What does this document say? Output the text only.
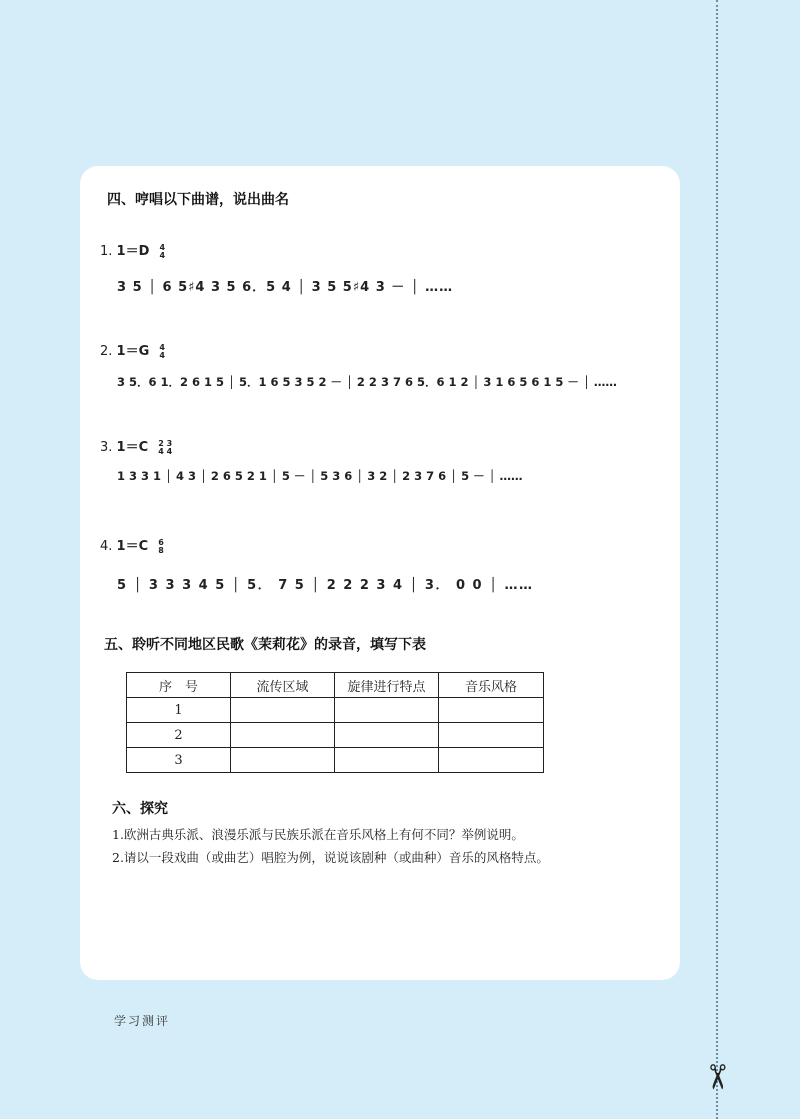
✂
四、哼唱以下曲谱，说出曲名
1. 1＝D 4
4
3 5 │ 6 5♯4 3 5 6．5 4 │ 3 5 5♯4 3 － │ ……
2. 1＝G 4
4
3 5．6 1．2 6 1 5 │ 5．1 6 5 3 5 2 － │ 2 2 3 7 6 5．6 1 2 │ 3 1 6 5 6 1 5 － │ ……
3. 1＝C 2 3
4 4
1 3 3 1 │ 4 3 │ 2 6 5 2 1 │ 5 － │ 5 3 6 │ 3 2 │ 2 3 7 6 │ 5 － │ ……
4. 1＝C 6
8
5 │ 3 3 3 4 5 │ 5． 7 5 │ 2 2 2 3 4 │ 3． 0 0 │ ……
五、聆听不同地区民歌《茉莉花》的录音，填写下表
序　号	流传区域	旋律进行特点	音乐风格
1			
2			
3			
六、探究
1.欧洲古典乐派、浪漫乐派与民族乐派在音乐风格上有何不同？举例说明。
2.请以一段戏曲（或曲艺）唱腔为例，说说该剧种（或曲种）音乐的风格特点。
学习测评
